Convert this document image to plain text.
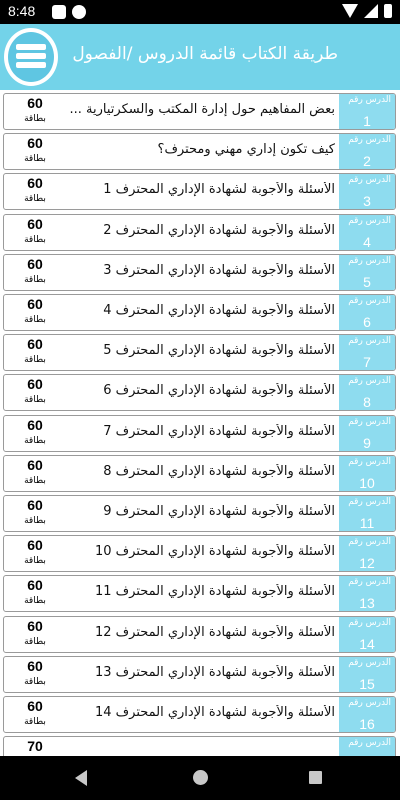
8:48
طريقة الكتاب قائمة الدروس /الفصول
الدرس رقم
1
بعض المفاهيم حول إدارة المكتب والسكرتيارية ...
60
بطاقة
الدرس رقم
2
كيف تكون إداري مهني ومحترف؟
60
بطاقة
الدرس رقم
3
الأسئلة والأجوبة لشهادة الإداري المحترف 1
60
بطاقة
الدرس رقم
4
الأسئلة والأجوبة لشهادة الإداري المحترف 2
60
بطاقة
الدرس رقم
5
الأسئلة والأجوبة لشهادة الإداري المحترف 3
60
بطاقة
الدرس رقم
6
الأسئلة والأجوبة لشهادة الإداري المحترف 4
60
بطاقة
الدرس رقم
7
الأسئلة والأجوبة لشهادة الإداري المحترف 5
60
بطاقة
الدرس رقم
8
الأسئلة والأجوبة لشهادة الإداري المحترف 6
60
بطاقة
الدرس رقم
9
الأسئلة والأجوبة لشهادة الإداري المحترف 7
60
بطاقة
الدرس رقم
10
الأسئلة والأجوبة لشهادة الإداري المحترف 8
60
بطاقة
الدرس رقم
11
الأسئلة والأجوبة لشهادة الإداري المحترف 9
60
بطاقة
الدرس رقم
12
الأسئلة والأجوبة لشهادة الإداري المحترف 10
60
بطاقة
الدرس رقم
13
الأسئلة والأجوبة لشهادة الإداري المحترف 11
60
بطاقة
الدرس رقم
14
الأسئلة والأجوبة لشهادة الإداري المحترف 12
60
بطاقة
الدرس رقم
15
الأسئلة والأجوبة لشهادة الإداري المحترف 13
60
بطاقة
الدرس رقم
16
الأسئلة والأجوبة لشهادة الإداري المحترف 14
60
بطاقة
الدرس رقم
70
